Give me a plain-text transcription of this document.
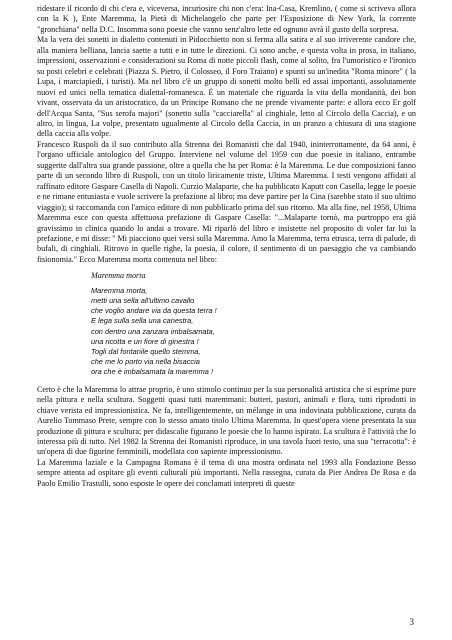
ridestare il ricordo di chi c'era e, viceversa, incuriosire chi non c'era: Ina-Casa, Kremlino, ( come si scriveva allora con la K ), Ente Maremma, la Pietà di Michelangelo che parte per l'Esposizione di New York, la corrente "gronchiana" nella D.C. Insomma sono poesie che vanno senz'altro lette ed ognuno avrà il gusto della sorpresa.

Ma la vera dei sonetti in dialetto contenuti in Pidocchietto non si ferma alla satira e al suo irriverente candore che, alla maniera belliana, lancia saette a tutti e in tutte le direzioni. Ci sono anche, e questa volta in prosa, in italiano, impressioni, osservazioni e considerazioni su Roma di notte piccoli flash, come al solito, fra l'umoristico e l'ironico su posti celebri e celebrati (Piazza S. Pietro, il Colosseo, il Foro Traiano) e spunti su un'inedita "Roma minore" ( la Lupa, i marciapiedi, i turisti). Ma nel libro c'è un gruppo di sonetti molto belli ed assai importanti, assolutamente nuovi ed unici nella tematica dialettal-romanesca. È un materiale che riguarda la vita della mondanità, dei bon vivant, osservata da un aristocratico, da un Principe Romano che ne prende vivamente parte: e allora ecco Er golf dell'Acqua Santa, "Sus serofa majori" (sonetto sulla "cacciarella" al cinghiale, letto al Circolo della Caccia), e un altro, in lingua, La volpe, presentato ugualmente al Circolo della Caccia, in un pranzo a chiusura di una stagione della caccia alla volpe.

Francesco Ruspoli da il suo contributo alla Strenna dei Romanisti che dal 1940, ininterrottamente, da 64 anni, è l'organo ufficiale antologico del Gruppo. Interviene nel volume del 1959 con due poesie in italiano, entrambe suggerite dall'altra sua grande passione, oltre a quella che ha per Roma: è la Maremma. Le due composizioni fanno parte di un secondo libro di Ruspoli, con un titolo liricamente triste, Ultima Maremma. I testi vengono affidati al raffinato editore Gaspare Casella di Napoli. Curzio Malaparte, che ha pubblicato Kaputt con Casella, legge le poesie e ne rimane entusiasta e vuole scrivere la prefazione al libro; ma deve partire per la Cina (sarebbe stato il suo ultimo viaggio); si raccomanda con l'amico editore di non pubblicarlo prima del suo ritorno. Ma alla fine, nel 1958, Ultima Maremma esce con questa affettuosa prefazione di Gaspare Casella: "...Malaparte tornò, ma purtroppo era già gravissimo in clinica quando lo andai a trovare. Mi riparlò del libro e insistette nel proposito di voler far lui la prefazione, e mi disse: " Mi piacciono quei versi sulla Maremma. Amo la Maremma, terra etrusca, terra di palude, di bufali, di cinghiali. Ritrovo in quelle righe, la poesia, il colore, il sentimento di un paesaggio che va cambiando fisionomia." Ecco Maremma morta contenuta nel libro:

Maremma morta
Maremma morta,
metti una sella all'ultimo cavallo
che voglio andare via da questa terra !
E lega sulla sella una canestra,
con dentro una zanzara imbalsamata,
una ricotta e un fiore di ginestra !
Togli dal fontanile quello stemma,
che me lo porto via nella bisaccia
ora che è imbalsamata la maremma !

Certo è che la Maremma lo attrae proprio, è uno stimolo continuo per la sua personalità artistica che si esprime pure nella pittura e nella scultura. Soggetti quasi tutti maremmani: butteri, pastori, animali e flora, tutti riprodotti in chiave verista ed impressionistica. Ne fa, intelligentemente, un mélange in una indovinata pubblicazione, curata da Aurelio Tommaso Prete, sempre con lo stesso amato titolo Ultima Maremma. In quest'opera viene presentata la sua produzione di pittura e scultura; per didascalie figurano le poesie che lo hanno ispirato. La scultura è l'attività che lo interessa più di tutto. Nel 1982 la Strenna dei Romanisti riproduce, in una tavola fuori testo, una sua "terracotta": è un'opera di due figurine femminili, modellata con sapiente impressionismo.

La Maremma laziale e la Campagna Romana è il tema di una mostra ordinata nel 1993 alla Fondazione Besso sempre attenta ad ospitare gli eventi culturali più importanti. Nella rassegna, curata da Pier Andrea De Rosa e da Paolo Emilio Trastulli, sono esposte le opere dei conclamati interpreti di queste

3
